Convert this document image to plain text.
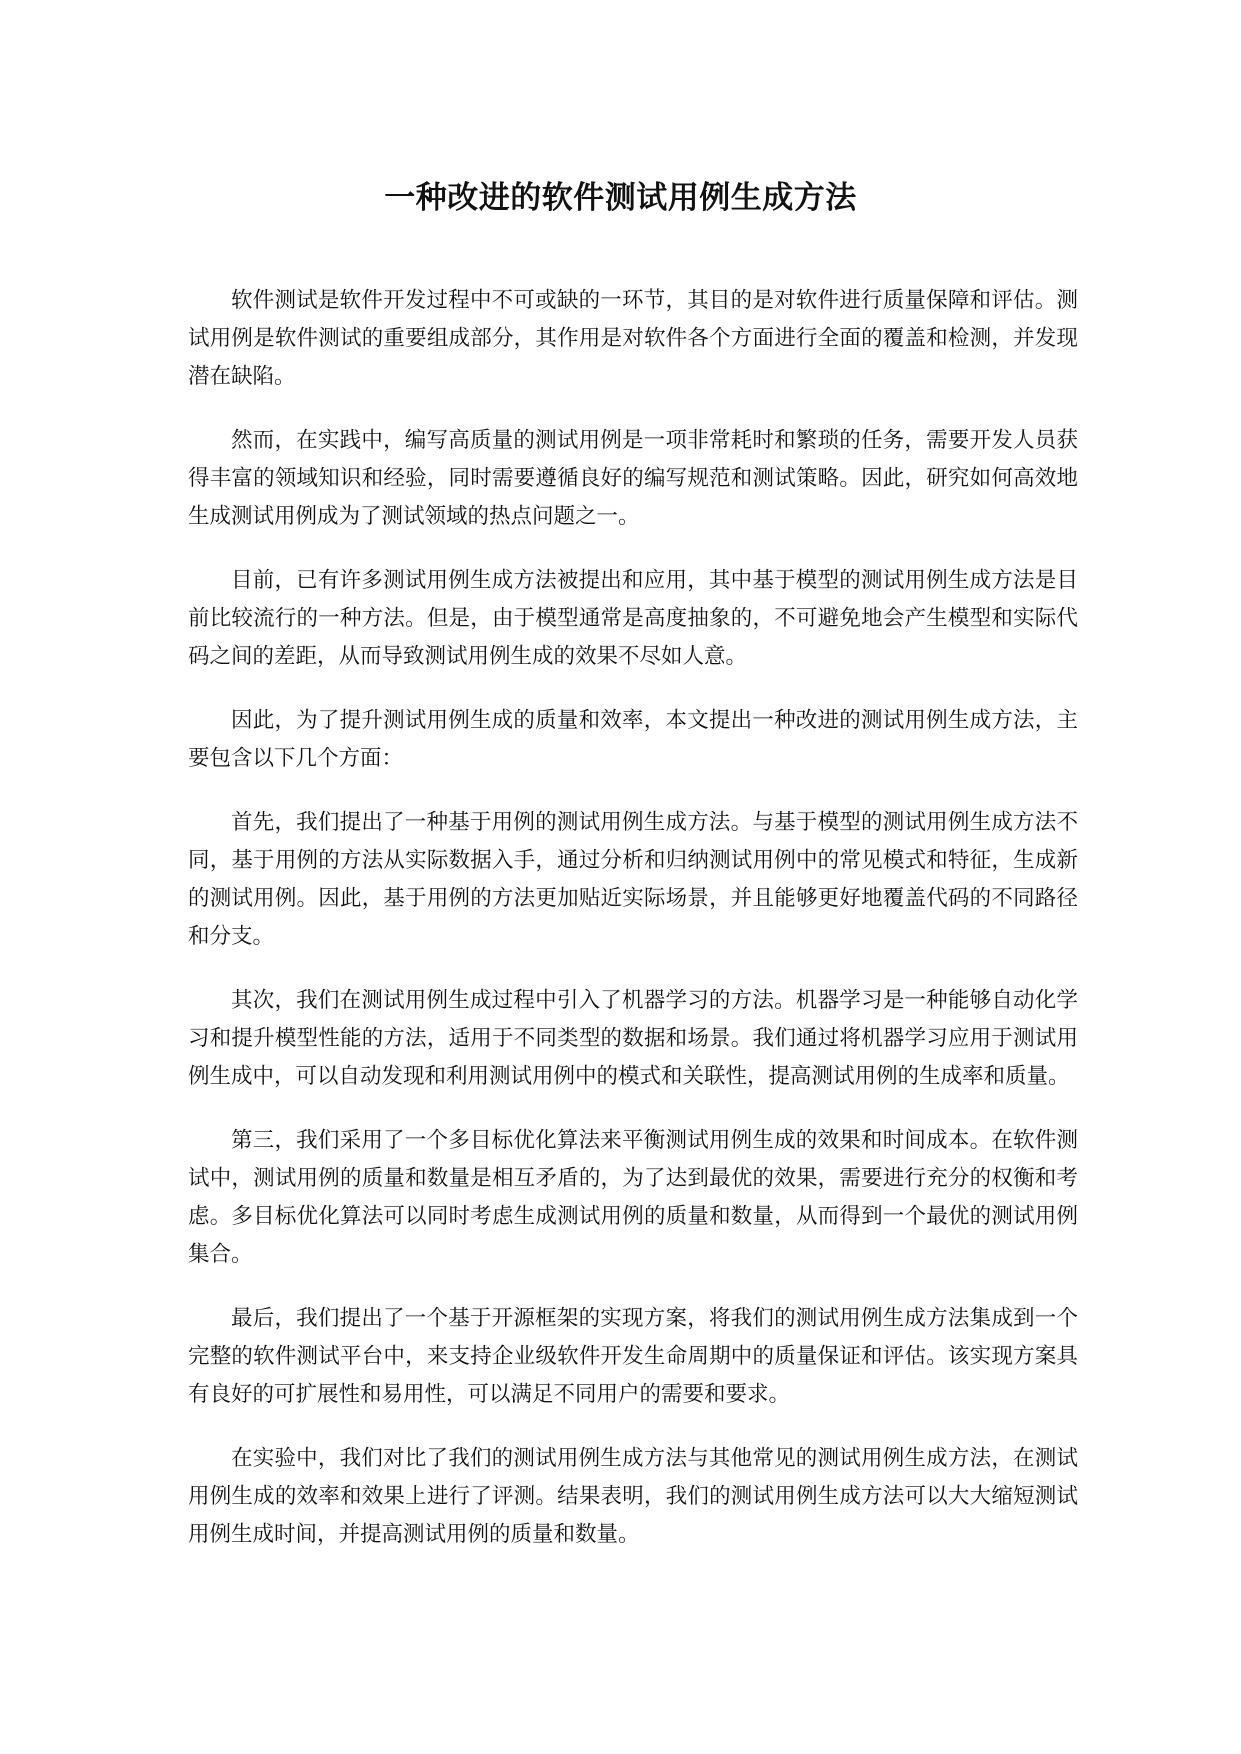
一种改进的软件测试用例生成方法

软件测试是软件开发过程中不可或缺的一环节，其目的是对软件进行质量保障和评估。测试用例是软件测试的重要组成部分，其作用是对软件各个方面进行全面的覆盖和检测，并发现潜在缺陷。

然而，在实践中，编写高质量的测试用例是一项非常耗时和繁琐的任务，需要开发人员获得丰富的领域知识和经验，同时需要遵循良好的编写规范和测试策略。因此，研究如何高效地生成测试用例成为了测试领域的热点问题之一。

目前，已有许多测试用例生成方法被提出和应用，其中基于模型的测试用例生成方法是目前比较流行的一种方法。但是，由于模型通常是高度抽象的，不可避免地会产生模型和实际代码之间的差距，从而导致测试用例生成的效果不尽如人意。

因此，为了提升测试用例生成的质量和效率，本文提出一种改进的测试用例生成方法，主要包含以下几个方面：

首先，我们提出了一种基于用例的测试用例生成方法。与基于模型的测试用例生成方法不同，基于用例的方法从实际数据入手，通过分析和归纳测试用例中的常见模式和特征，生成新的测试用例。因此，基于用例的方法更加贴近实际场景，并且能够更好地覆盖代码的不同路径和分支。

其次，我们在测试用例生成过程中引入了机器学习的方法。机器学习是一种能够自动化学习和提升模型性能的方法，适用于不同类型的数据和场景。我们通过将机器学习应用于测试用例生成中，可以自动发现和利用测试用例中的模式和关联性，提高测试用例的生成率和质量。

第三，我们采用了一个多目标优化算法来平衡测试用例生成的效果和时间成本。在软件测试中，测试用例的质量和数量是相互矛盾的，为了达到最优的效果，需要进行充分的权衡和考虑。多目标优化算法可以同时考虑生成测试用例的质量和数量，从而得到一个最优的测试用例集合。

最后，我们提出了一个基于开源框架的实现方案，将我们的测试用例生成方法集成到一个完整的软件测试平台中，来支持企业级软件开发生命周期中的质量保证和评估。该实现方案具有良好的可扩展性和易用性，可以满足不同用户的需要和要求。

在实验中，我们对比了我们的测试用例生成方法与其他常见的测试用例生成方法，在测试用例生成的效率和效果上进行了评测。结果表明，我们的测试用例生成方法可以大大缩短测试用例生成时间，并提高测试用例的质量和数量。
